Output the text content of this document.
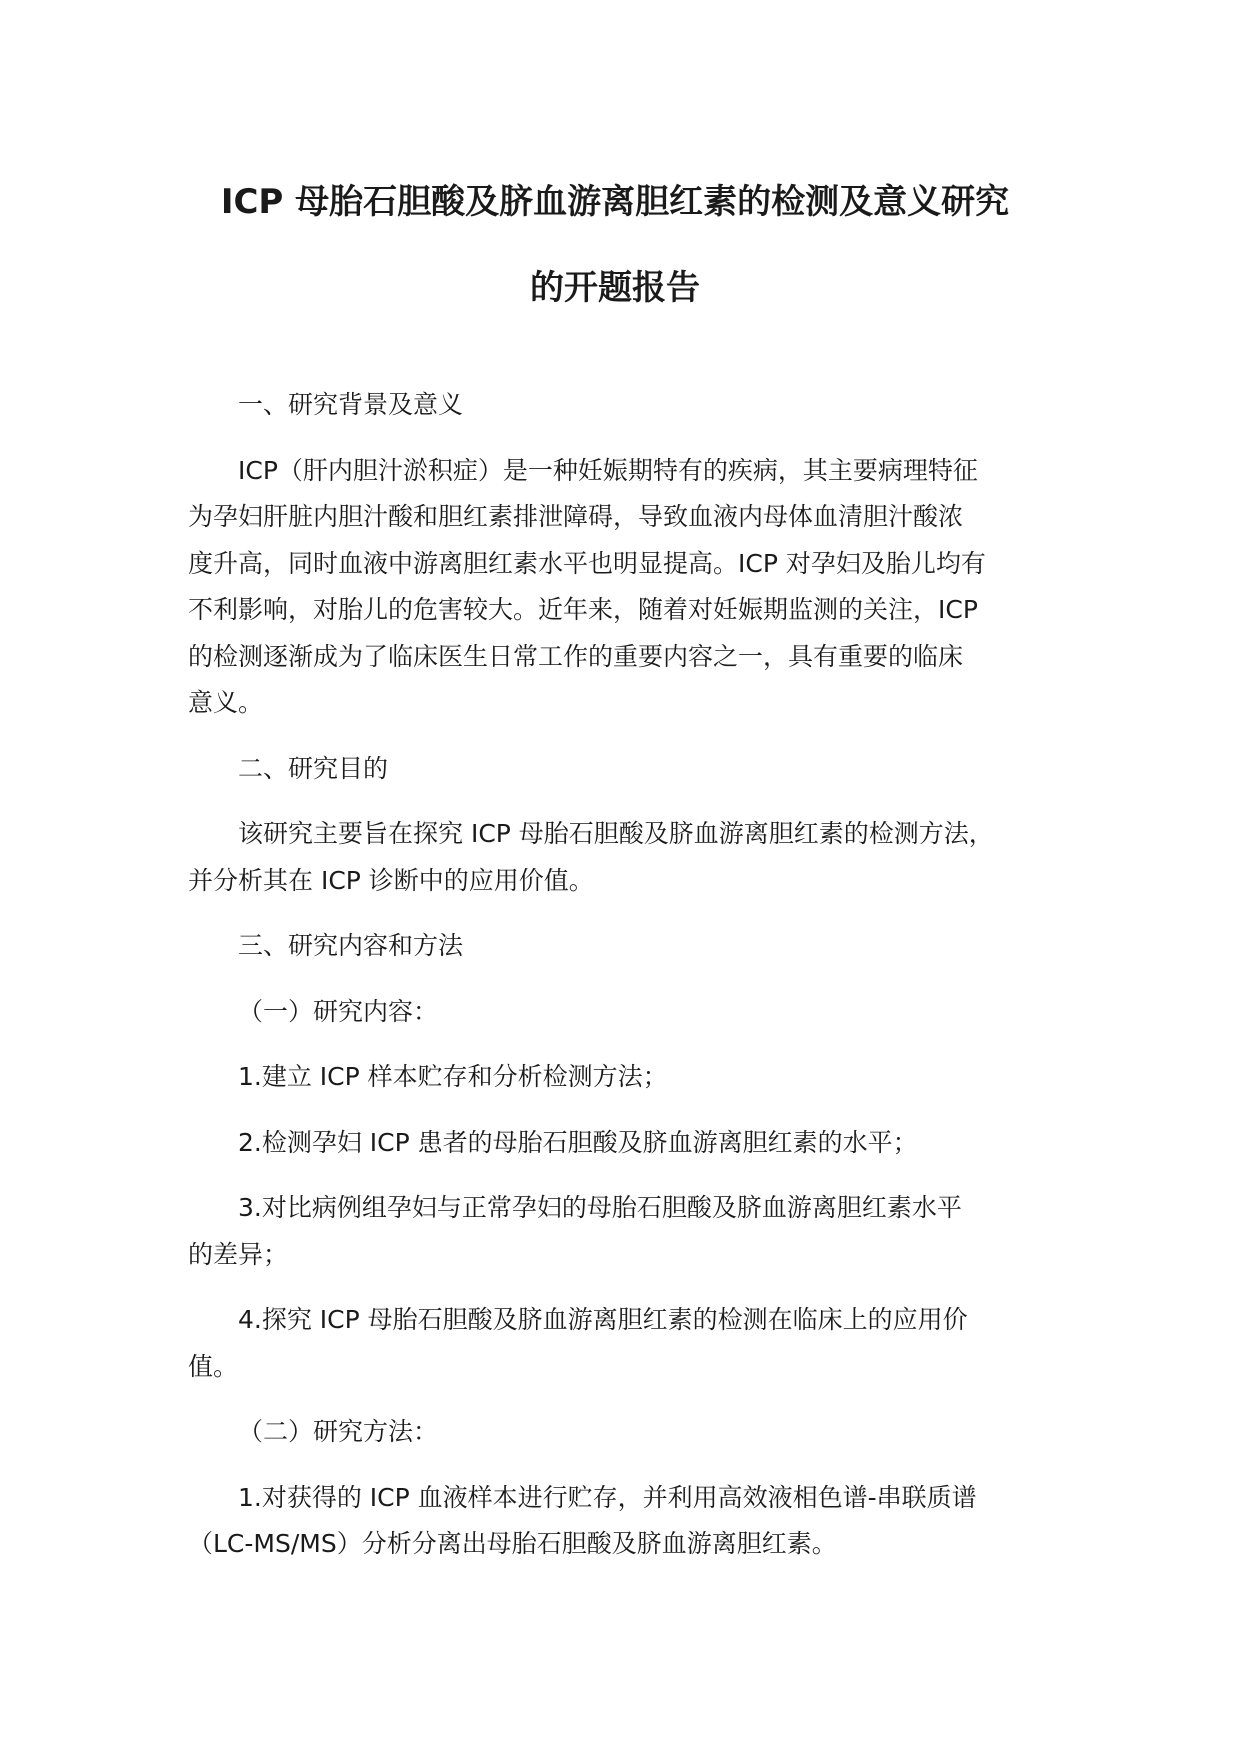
ICP 母胎石胆酸及脐血游离胆红素的检测及意义研究
的开题报告

一、研究背景及意义

ICP（肝内胆汁淤积症）是一种妊娠期特有的疾病，其主要病理特征
为孕妇肝脏内胆汁酸和胆红素排泄障碍，导致血液内母体血清胆汁酸浓
度升高，同时血液中游离胆红素水平也明显提高。ICP 对孕妇及胎儿均有
不利影响，对胎儿的危害较大。近年来，随着对妊娠期监测的关注，ICP
的检测逐渐成为了临床医生日常工作的重要内容之一，具有重要的临床
意义。

二、研究目的

该研究主要旨在探究 ICP 母胎石胆酸及脐血游离胆红素的检测方法，
并分析其在 ICP 诊断中的应用价值。

三、研究内容和方法

（一）研究内容：

1.建立 ICP 样本贮存和分析检测方法；

2.检测孕妇 ICP 患者的母胎石胆酸及脐血游离胆红素的水平；

3.对比病例组孕妇与正常孕妇的母胎石胆酸及脐血游离胆红素水平
的差异；

4.探究 ICP 母胎石胆酸及脐血游离胆红素的检测在临床上的应用价
值。

（二）研究方法：

1.对获得的 ICP 血液样本进行贮存，并利用高效液相色谱-串联质谱
（LC-MS/MS）分析分离出母胎石胆酸及脐血游离胆红素。
